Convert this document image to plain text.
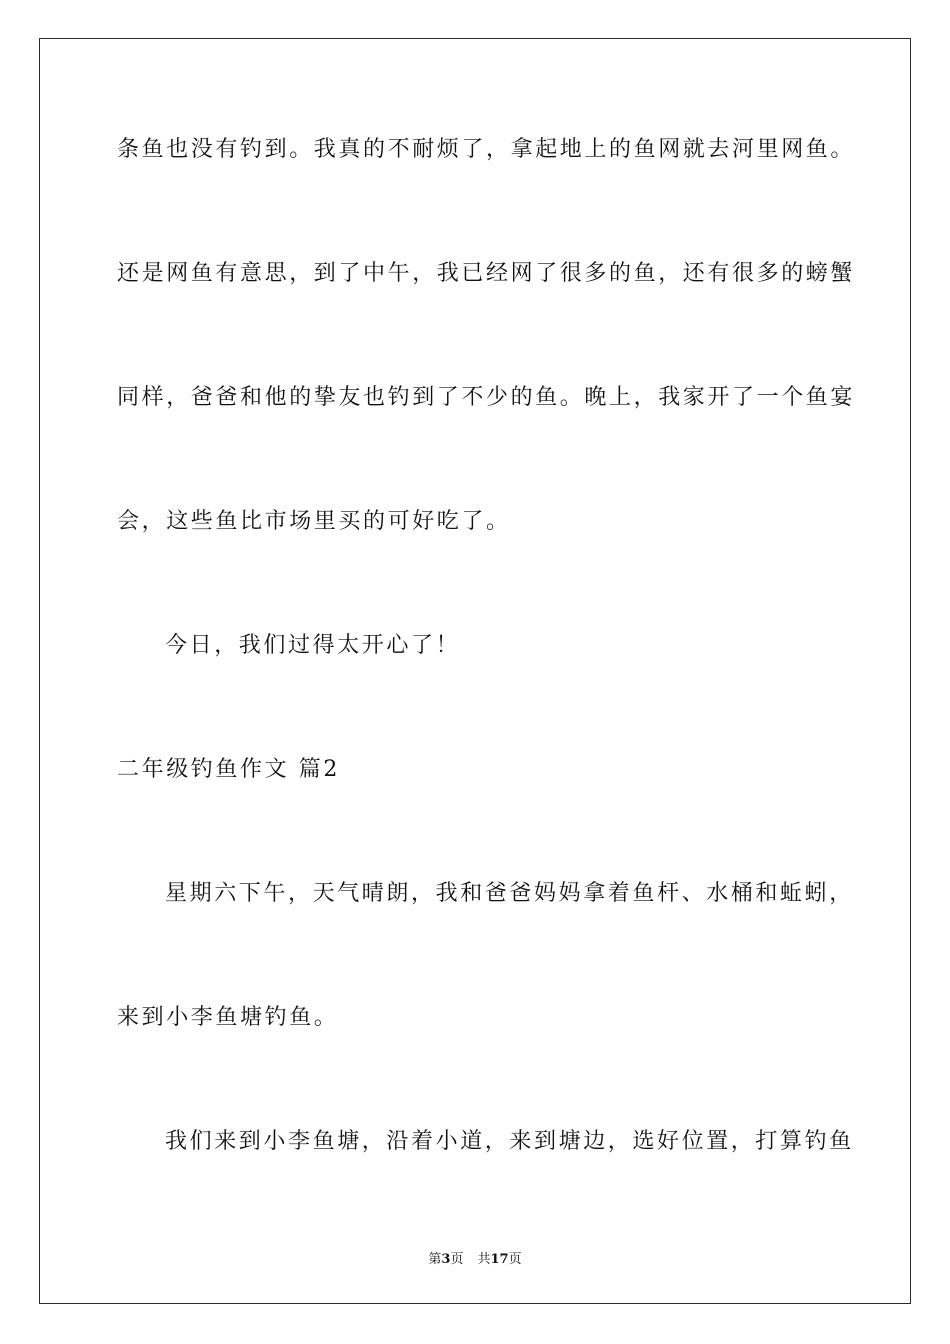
条鱼也没有钓到。我真的不耐烦了，拿起地上的鱼网就去河里网鱼。
还是网鱼有意思，到了中午，我已经网了很多的鱼，还有很多的螃蟹
同样，爸爸和他的挚友也钓到了不少的鱼。晚上，我家开了一个鱼宴
会，这些鱼比市场里买的可好吃了。
今日，我们过得太开心了！
二年级钓鱼作文 篇2
星期六下午，天气晴朗，我和爸爸妈妈拿着鱼杆、水桶和蚯蚓，
来到小李鱼塘钓鱼。
我们来到小李鱼塘，沿着小道，来到塘边，选好位置，打算钓鱼
第3页 共17页
